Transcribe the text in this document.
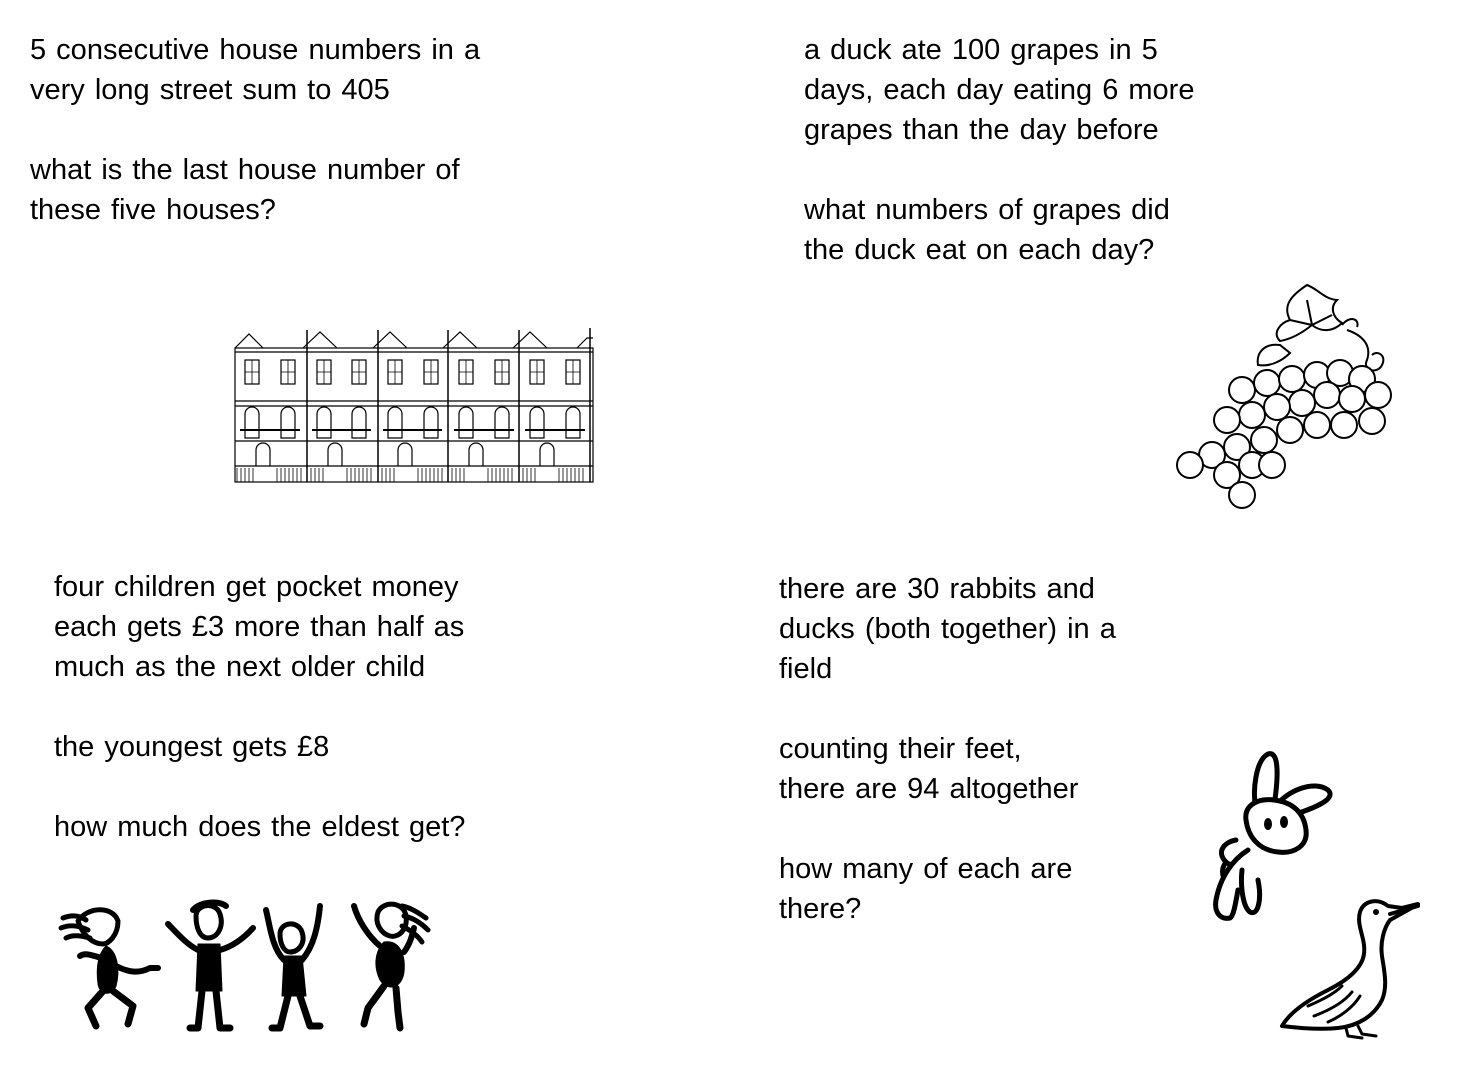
5 consecutive house numbers in a

very long street sum to 405

what is the last house number of

these five houses?

a duck ate 100 grapes in 5

days, each day eating 6 more

grapes than the day before

what numbers of grapes did

the duck eat on each day?

four children get pocket money

each gets £3 more than half as

much as the next older child

the youngest gets £8

how much does the eldest get?

there are 30 rabbits and

ducks (both together) in a

field

counting their feet,

there are 94 altogether

how many of each are

there?
